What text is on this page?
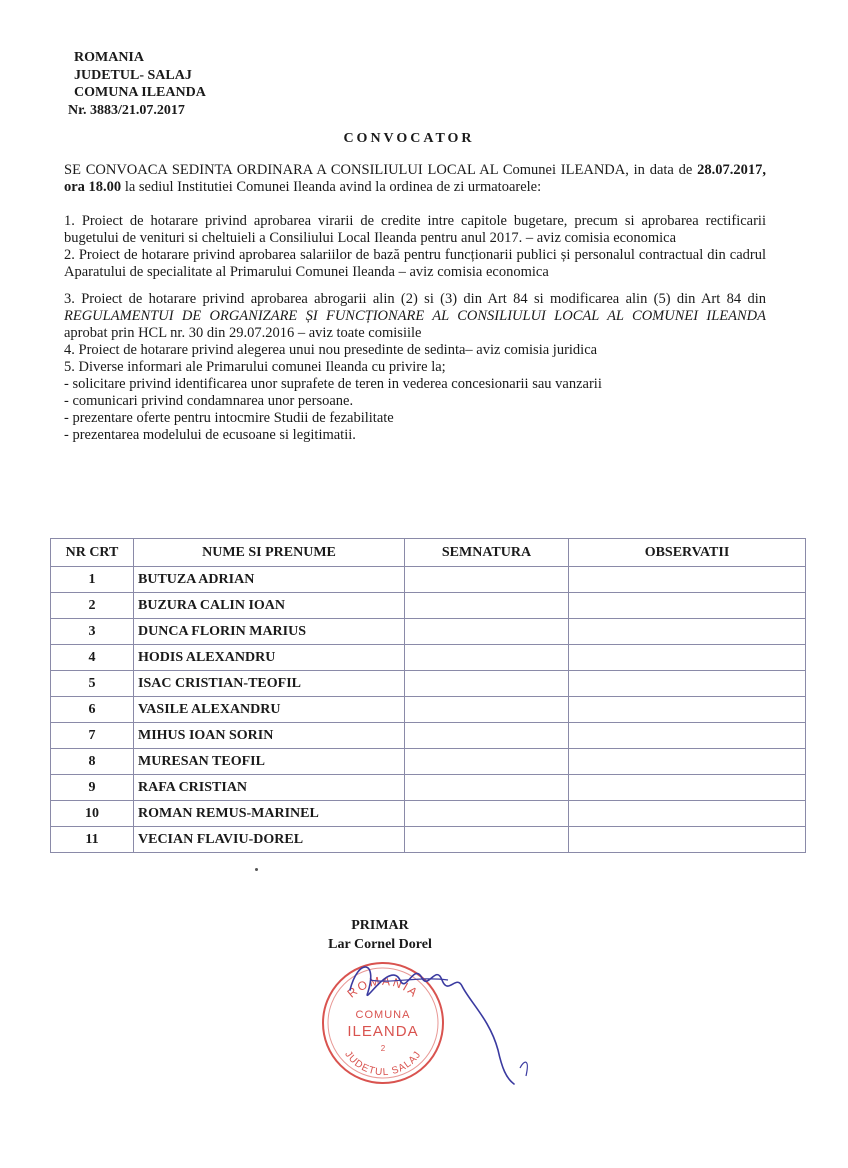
ROMANIA
JUDETUL- SALAJ
COMUNA ILEANDA
Nr. 3883/21.07.2017
CONVOCATOR

SE CONVOACA SEDINTA ORDINARA A CONSILIULUI LOCAL AL Comunei ILEANDA, in data de 28.07.2017, ora 18.00 la sediul Institutiei Comunei Ileanda avind la ordinea de zi urmatoarele:

1. Proiect de hotarare privind aprobarea virarii de credite intre capitole bugetare, precum si aprobarea rectificarii bugetului de venituri si cheltuieli a Consiliului Local Ileanda pentru anul 2017. – aviz comisia economica

2. Proiect de hotarare privind aprobarea salariilor de bază pentru funcționarii publici și personalul contractual din cadrul Aparatului de specialitate al Primarului Comunei Ileanda – aviz comisia economica

3. Proiect de hotarare privind aprobarea abrogarii alin (2) si (3) din Art 84 si modificarea alin (5) din Art 84 din REGULAMENTUI DE ORGANIZARE ȘI FUNCȚIONARE AL CONSILIULUI LOCAL AL COMUNEI ILEANDA aprobat prin HCL nr. 30 din 29.07.2016 – aviz toate comisiile

4. Proiect de hotarare privind alegerea unui nou presedinte de sedinta– aviz comisia juridica

5. Diverse informari ale Primarului comunei Ileanda cu privire la;

- solicitare privind identificarea unor suprafete de teren in vederea concesionarii sau vanzarii

- comunicari privind condamnarea unor persoane.

- prezentare oferte pentru intocmire Studii de fezabilitate

- prezentarea modelului de ecusoane si legitimatii.

NR CRT	NUME SI PRENUME	SEMNATURA	OBSERVATII
1	BUTUZA ADRIAN		
2	BUZURA CALIN IOAN		
3	DUNCA FLORIN MARIUS		
4	HODIS ALEXANDRU		
5	ISAC CRISTIAN-TEOFIL		
6	VASILE ALEXANDRU		
7	MIHUS IOAN SORIN		
8	MURESAN TEOFIL		
9	RAFA CRISTIAN		
10	ROMAN REMUS-MARINEL		
11	VECIAN FLAVIU-DOREL		
PRIMAR
Lar Cornel Dorel
ROMANIA
COMUNA
ILEANDA
2
JUDETUL SALAJ
